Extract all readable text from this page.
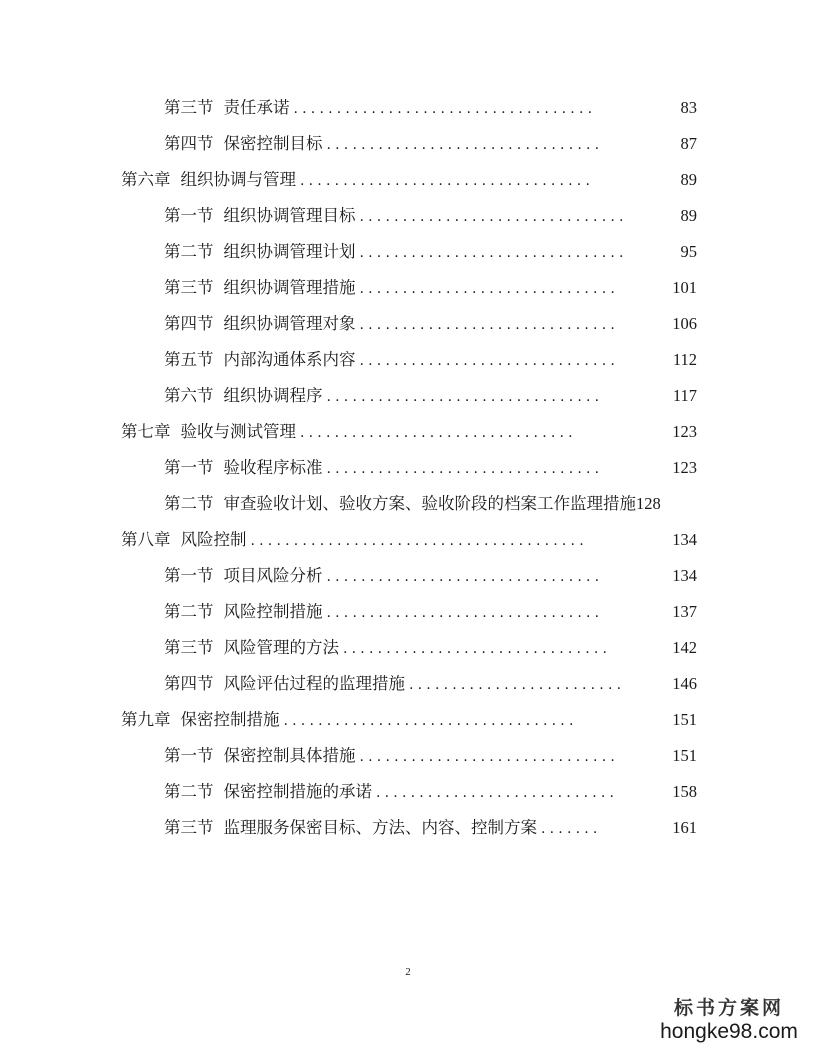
第三节 责任承诺 ...................................	83
第四节 保密控制目标 ................................	87
第六章 组织协调与管理 ..................................	89
第一节 组织协调管理目标 ...............................	89
第二节 组织协调管理计划 ...............................	95
第三节 组织协调管理措施 ..............................	101
第四节 组织协调管理对象 ..............................	106
第五节 内部沟通体系内容 ..............................	112
第六节 组织协调程序 ................................	117
第七章 验收与测试管理 ................................	123
第一节 验收程序标准 ................................	123
第二节 审查验收计划、验收方案、验收阶段的档案工作监理措施 128
第八章 风险控制 .......................................	134
第一节 项目风险分析 ................................	134
第二节 风险控制措施 ................................	137
第三节 风险管理的方法 ...............................	142
第四节 风险评估过程的监理措施 .........................	146
第九章 保密控制措施 ..................................	151
第一节 保密控制具体措施 ..............................	151
第二节 保密控制措施的承诺 ............................	158
第三节 监理服务保密目标、方法、内容、控制方案 .......	161
2
标书方案网
hongke98.com
